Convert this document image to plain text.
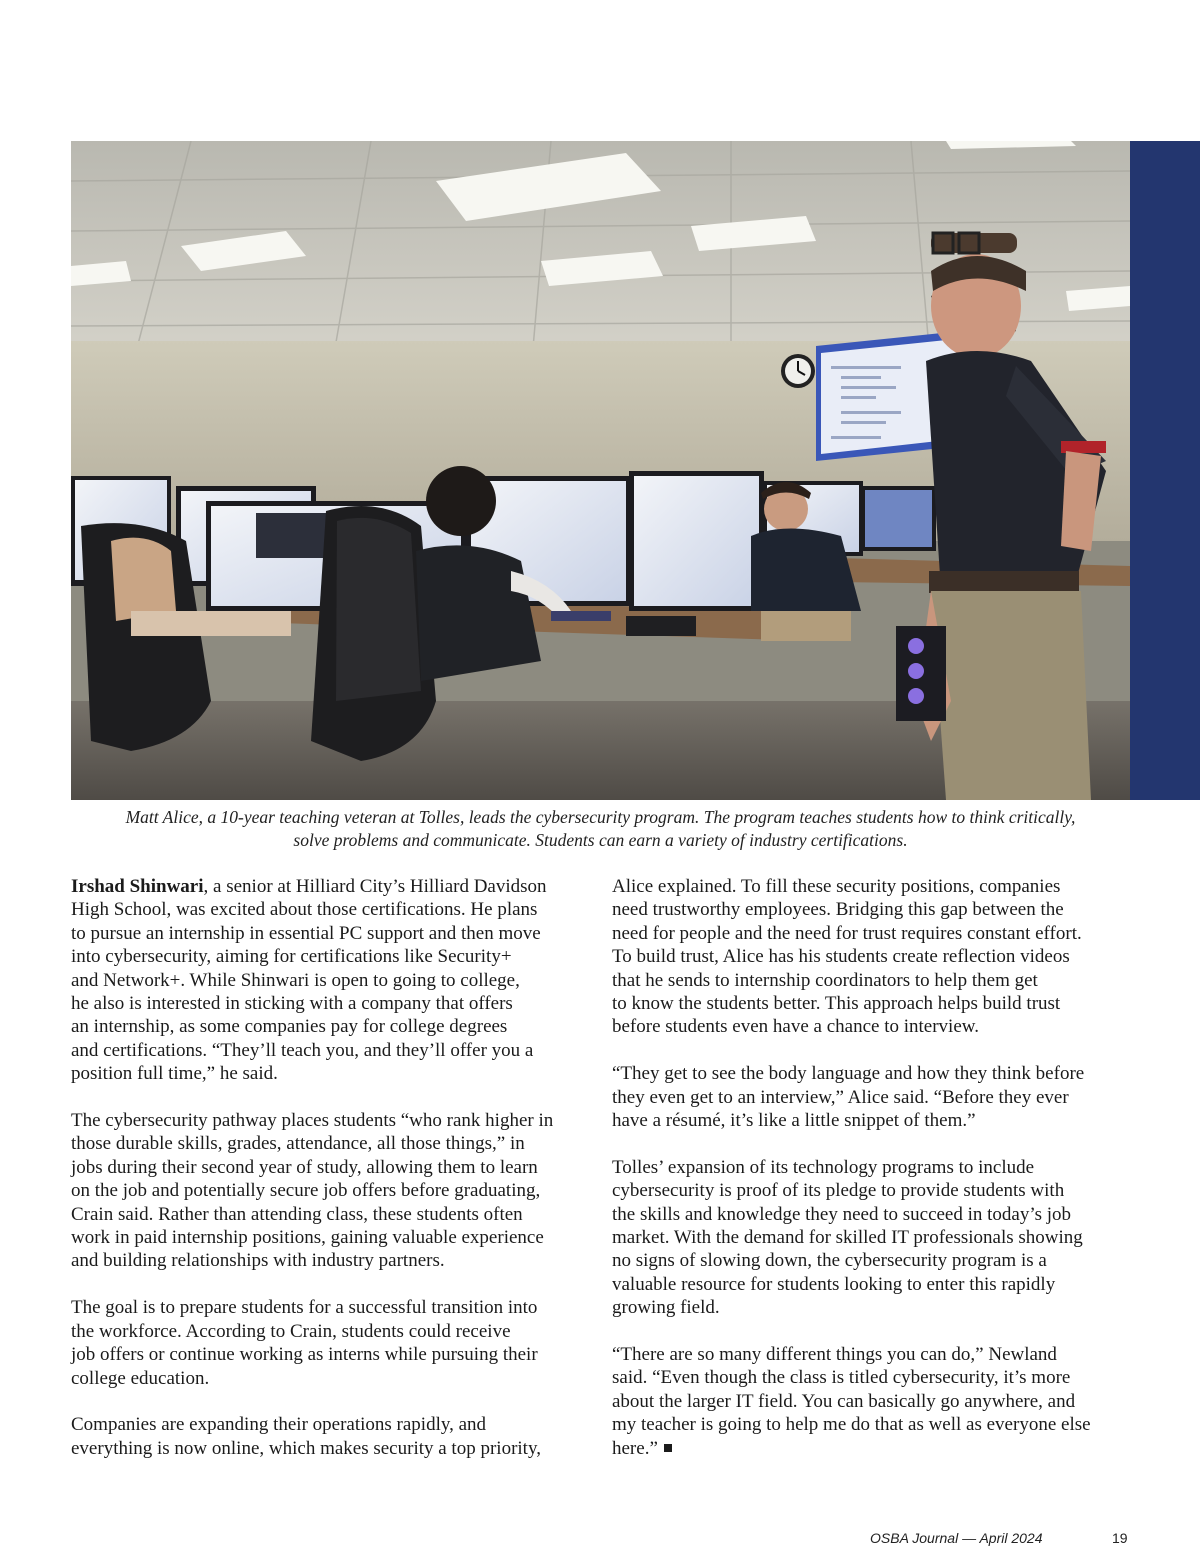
Matt Alice, a 10-year teaching veteran at Tolles, leads the cybersecurity program. The program teaches students how to think critically,
solve problems and communicate. Students can earn a variety of industry certifications.

Irshad Shinwari, a senior at Hilliard City’s Hilliard Davidson
High School, was excited about those certifications. He plans
to pursue an internship in essential PC support and then move
into cybersecurity, aiming for certifications like Security+
and Network+. While Shinwari is open to going to college,
he also is interested in sticking with a company that offers
an internship, as some companies pay for college degrees
and certifications. “They’ll teach you, and they’ll offer you a
position full time,” he said.

The cybersecurity pathway places students “who rank higher in
those durable skills, grades, attendance, all those things,” in
jobs during their second year of study, allowing them to learn
on the job and potentially secure job offers before graduating,
Crain said. Rather than attending class, these students often
work in paid internship positions, gaining valuable experience
and building relationships with industry partners.

The goal is to prepare students for a successful transition into
the workforce. According to Crain, students could receive
job offers or continue working as interns while pursuing their
college education.

Companies are expanding their operations rapidly, and
everything is now online, which makes security a top priority,

Alice explained. To fill these security positions, companies
need trustworthy employees. Bridging this gap between the
need for people and the need for trust requires constant effort.
To build trust, Alice has his students create reflection videos
that he sends to internship coordinators to help them get
to know the students better. This approach helps build trust
before students even have a chance to interview.

“They get to see the body language and how they think before
they even get to an interview,” Alice said. “Before they ever
have a résumé, it’s like a little snippet of them.”

Tolles’ expansion of its technology programs to include
cybersecurity is proof of its pledge to provide students with
the skills and knowledge they need to succeed in today’s job
market. With the demand for skilled IT professionals showing
no signs of slowing down, the cybersecurity program is a
valuable resource for students looking to enter this rapidly
growing field.

“There are so many different things you can do,” Newland
said. “Even though the class is titled cybersecurity, it’s more
about the larger IT field. You can basically go anywhere, and
my teacher is going to help me do that as well as everyone else
here.”

OSBA Journal — April 2024	19
